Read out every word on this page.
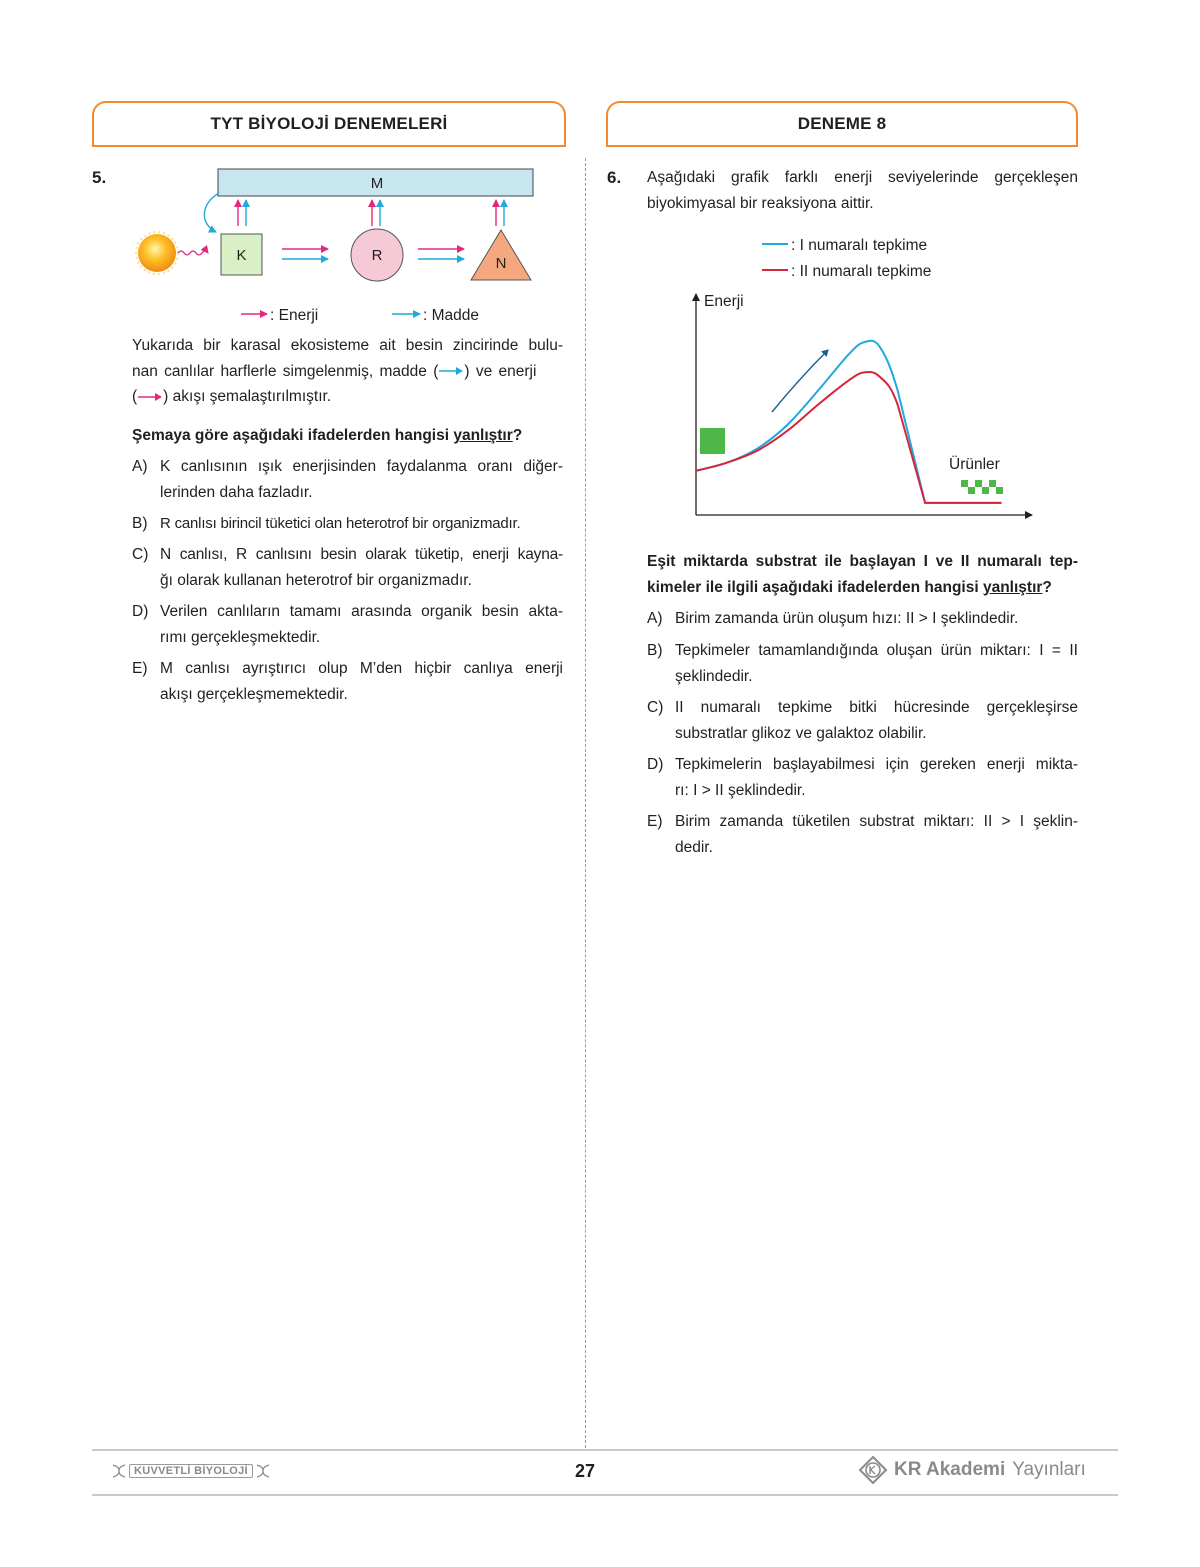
TYT BİYOLOJİ DENEMELERİ	DENEME 8
5.	M
K	R	N
: Enerji	: Madde
Yukarıda bir karasal ekosisteme ait besin zincirinde bulu-
nan canlılar harflerle simgelenmiş, madde ( ) ve enerji
( ) akışı şemalaştırılmıştır.
Şemaya göre aşağıdaki ifadelerden hangisi yanlıştır?
A) K canlısının ışık enerjisinden faydalanma oranı diğer-
lerinden daha fazladır.
B) R canlısı birincil tüketici olan heterotrof bir organizmadır.
C) N canlısı, R canlısını besin olarak tüketip, enerji kayna-
ğı olarak kullanan heterotrof bir organizmadır.
D) Verilen canlıların tamamı arasında organik besin akta-
rımı gerçekleşmektedir.
E) M canlısı ayrıştırıcı olup M’den hiçbir canlıya enerji
akışı gerçekleşmemektedir.
6. Aşağıdaki grafik farklı enerji seviyelerinde gerçekleşen
biyokimyasal bir reaksiyona aittir.
: I numaralı tepkime
: II numaralı tepkime
Enerji
Ürünler
Eşit miktarda substrat ile başlayan I ve II numaralı tep-
kimeler ile ilgili aşağıdaki ifadelerden hangisi yanlıştır?
A) Birim zamanda ürün oluşum hızı: II > I şeklindedir.
B) Tepkimeler tamamlandığında oluşan ürün miktarı: I = II
şeklindedir.
C) II numaralı tepkime bitki hücresinde gerçekleşirse
substratlar glikoz ve galaktoz olabilir.
D) Tepkimelerin başlayabilmesi için gereken enerji mikta-
rı: I > II şeklindedir.
E) Birim zamanda tüketilen substrat miktarı: II > I şeklin-
dedir.
KUVVETLİ BİYOLOJİ	27	KR Akademi Yayınları
